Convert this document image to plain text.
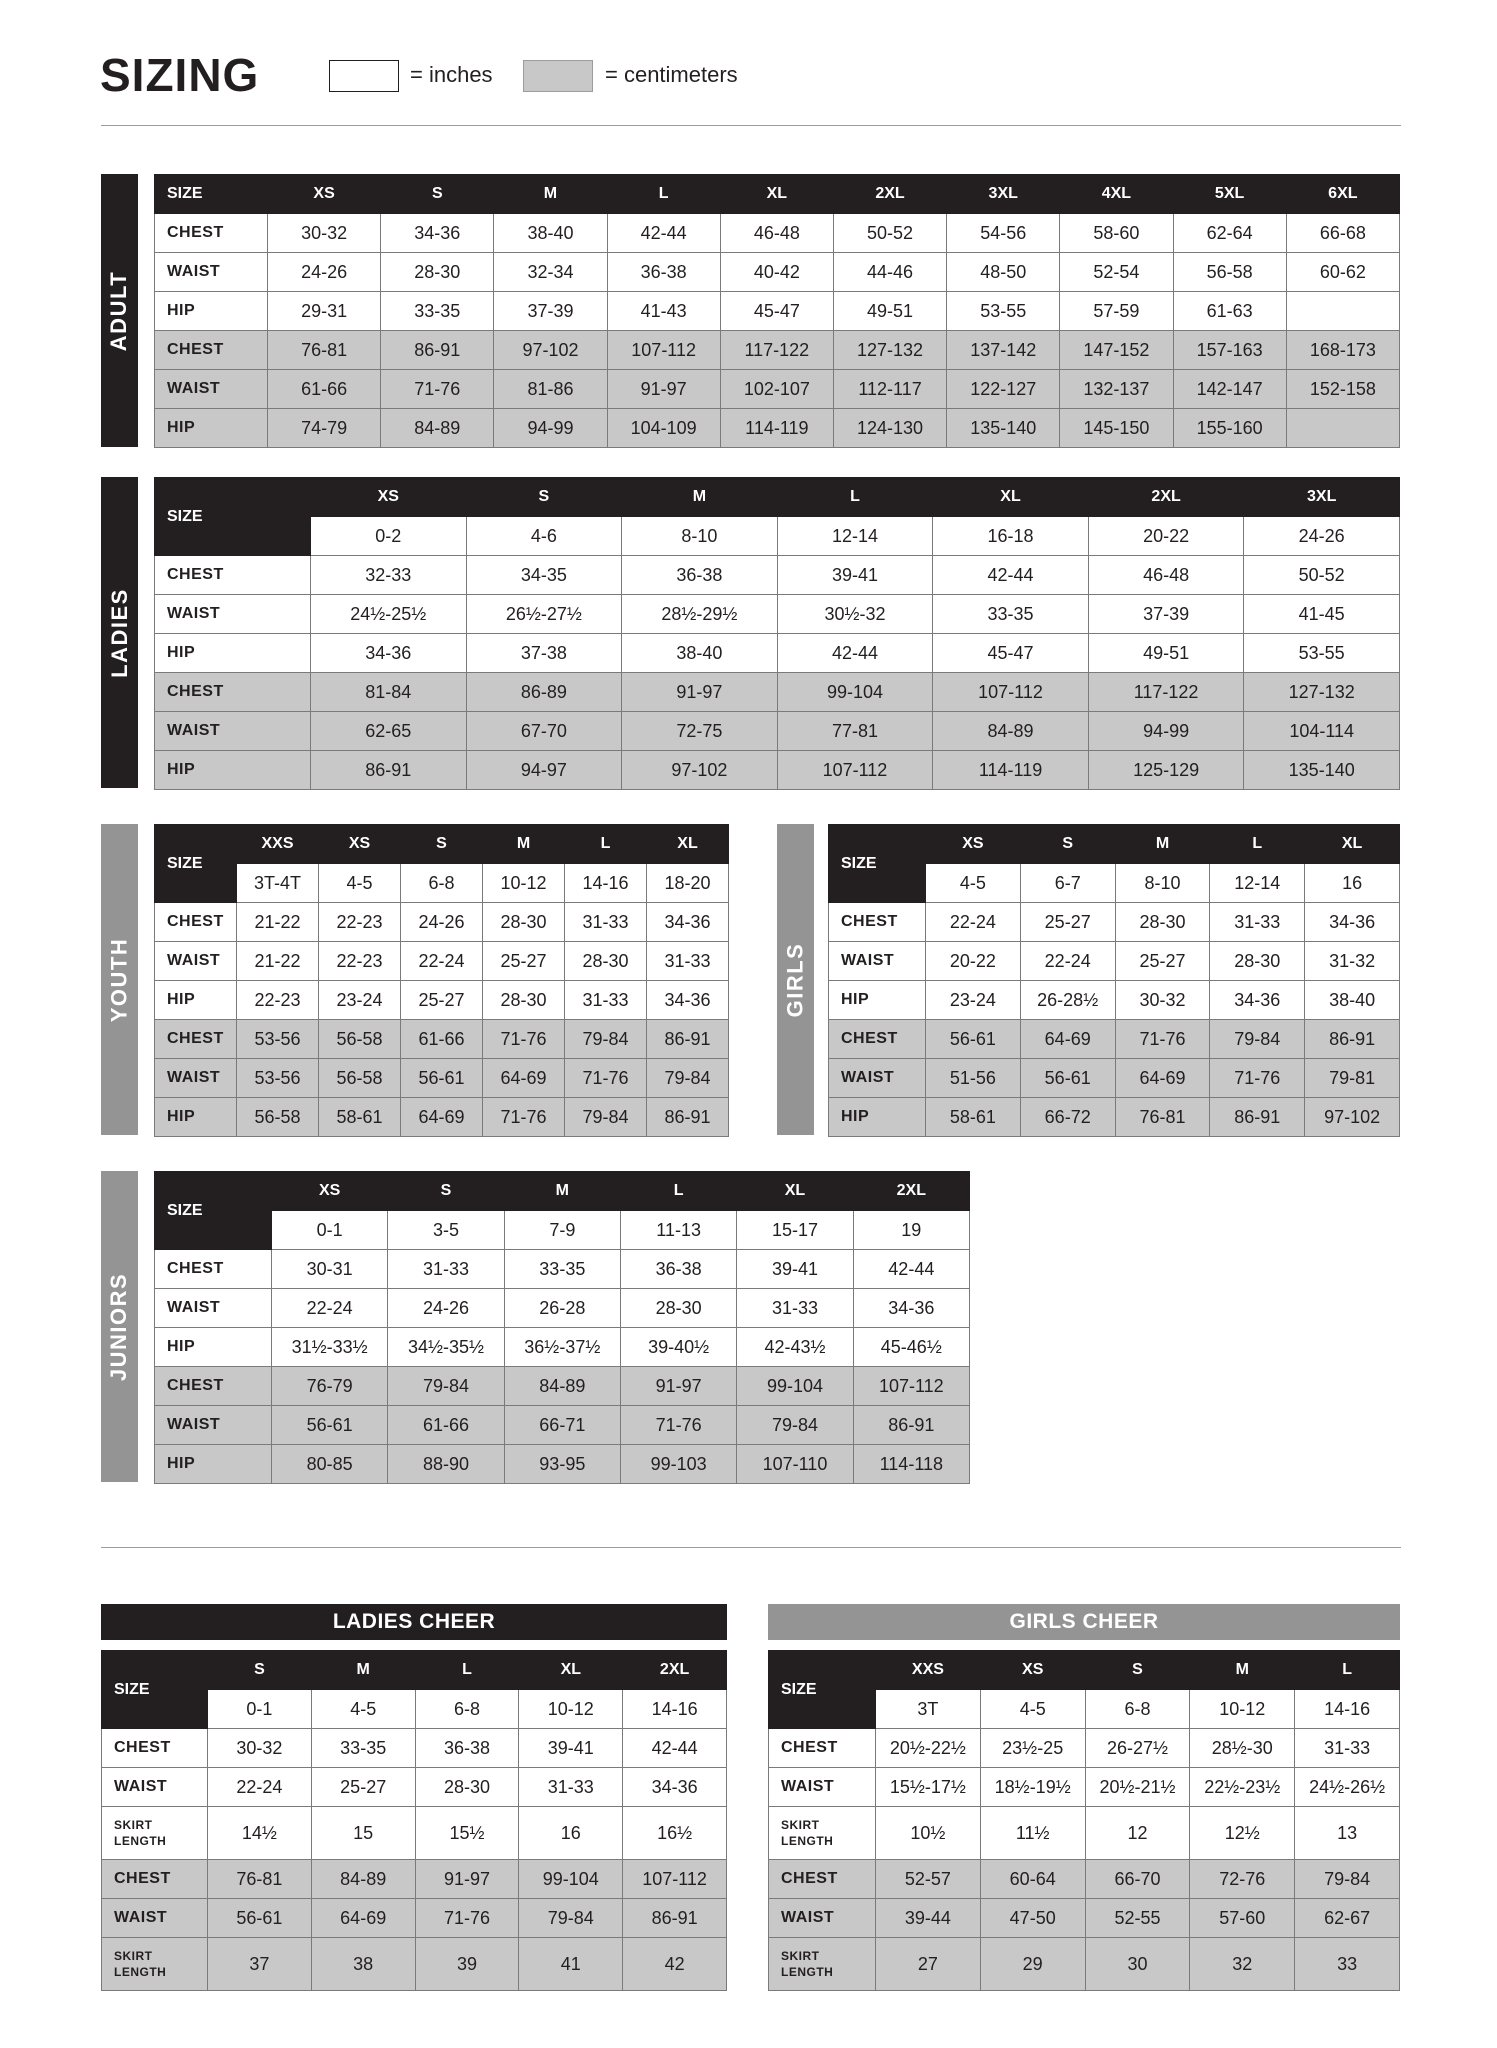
SIZING	= inches	= centimeters
ADULT
SIZE	XS	S	M	L	XL	2XL	3XL	4XL	5XL	6XL
CHEST	30-32	34-36	38-40	42-44	46-48	50-52	54-56	58-60	62-64	66-68
WAIST	24-26	28-30	32-34	36-38	40-42	44-46	48-50	52-54	56-58	60-62
HIP	29-31	33-35	37-39	41-43	45-47	49-51	53-55	57-59	61-63	
CHEST	76-81	86-91	97-102	107-112	117-122	127-132	137-142	147-152	157-163	168-173
WAIST	61-66	71-76	81-86	91-97	102-107	112-117	122-127	132-137	142-147	152-158
HIP	74-79	84-89	94-99	104-109	114-119	124-130	135-140	145-150	155-160	
LADIES
SIZE	XS	S	M	L	XL	2XL	3XL
	0-2	4-6	8-10	12-14	16-18	20-22	24-26
CHEST	32-33	34-35	36-38	39-41	42-44	46-48	50-52
WAIST	24½-25½	26½-27½	28½-29½	30½-32	33-35	37-39	41-45
HIP	34-36	37-38	38-40	42-44	45-47	49-51	53-55
CHEST	81-84	86-89	91-97	99-104	107-112	117-122	127-132
WAIST	62-65	67-70	72-75	77-81	84-89	94-99	104-114
HIP	86-91	94-97	97-102	107-112	114-119	125-129	135-140
YOUTH
SIZE	XXS	XS	S	M	L	XL
	3T-4T	4-5	6-8	10-12	14-16	18-20
CHEST	21-22	22-23	24-26	28-30	31-33	34-36
WAIST	21-22	22-23	22-24	25-27	28-30	31-33
HIP	22-23	23-24	25-27	28-30	31-33	34-36
CHEST	53-56	56-58	61-66	71-76	79-84	86-91
WAIST	53-56	56-58	56-61	64-69	71-76	79-84
HIP	56-58	58-61	64-69	71-76	79-84	86-91
GIRLS
SIZE	XS	S	M	L	XL
	4-5	6-7	8-10	12-14	16
CHEST	22-24	25-27	28-30	31-33	34-36
WAIST	20-22	22-24	25-27	28-30	31-32
HIP	23-24	26-28½	30-32	34-36	38-40
CHEST	56-61	64-69	71-76	79-84	86-91
WAIST	51-56	56-61	64-69	71-76	79-81
HIP	58-61	66-72	76-81	86-91	97-102
JUNIORS
SIZE	XS	S	M	L	XL	2XL
	0-1	3-5	7-9	11-13	15-17	19
CHEST	30-31	31-33	33-35	36-38	39-41	42-44
WAIST	22-24	24-26	26-28	28-30	31-33	34-36
HIP	31½-33½	34½-35½	36½-37½	39-40½	42-43½	45-46½
CHEST	76-79	79-84	84-89	91-97	99-104	107-112
WAIST	56-61	61-66	66-71	71-76	79-84	86-91
HIP	80-85	88-90	93-95	99-103	107-110	114-118
LADIES CHEER
SIZE	S	M	L	XL	2XL
	0-1	4-5	6-8	10-12	14-16
CHEST	30-32	33-35	36-38	39-41	42-44
WAIST	22-24	25-27	28-30	31-33	34-36

SKIRT
LENGTH	14½	15	15½	16	16½
CHEST	76-81	84-89	91-97	99-104	107-112
WAIST	56-61	64-69	71-76	79-84	86-91

SKIRT
LENGTH	37	38	39	41	42
GIRLS CHEER
SIZE	XXS	XS	S	M	L
	3T	4-5	6-8	10-12	14-16
CHEST	20½-22½	23½-25	26-27½	28½-30	31-33
WAIST	15½-17½	18½-19½	20½-21½	22½-23½	24½-26½

SKIRT
LENGTH	10½	11½	12	12½	13
CHEST	52-57	60-64	66-70	72-76	79-84
WAIST	39-44	47-50	52-55	57-60	62-67

SKIRT
LENGTH	27	29	30	32	33
